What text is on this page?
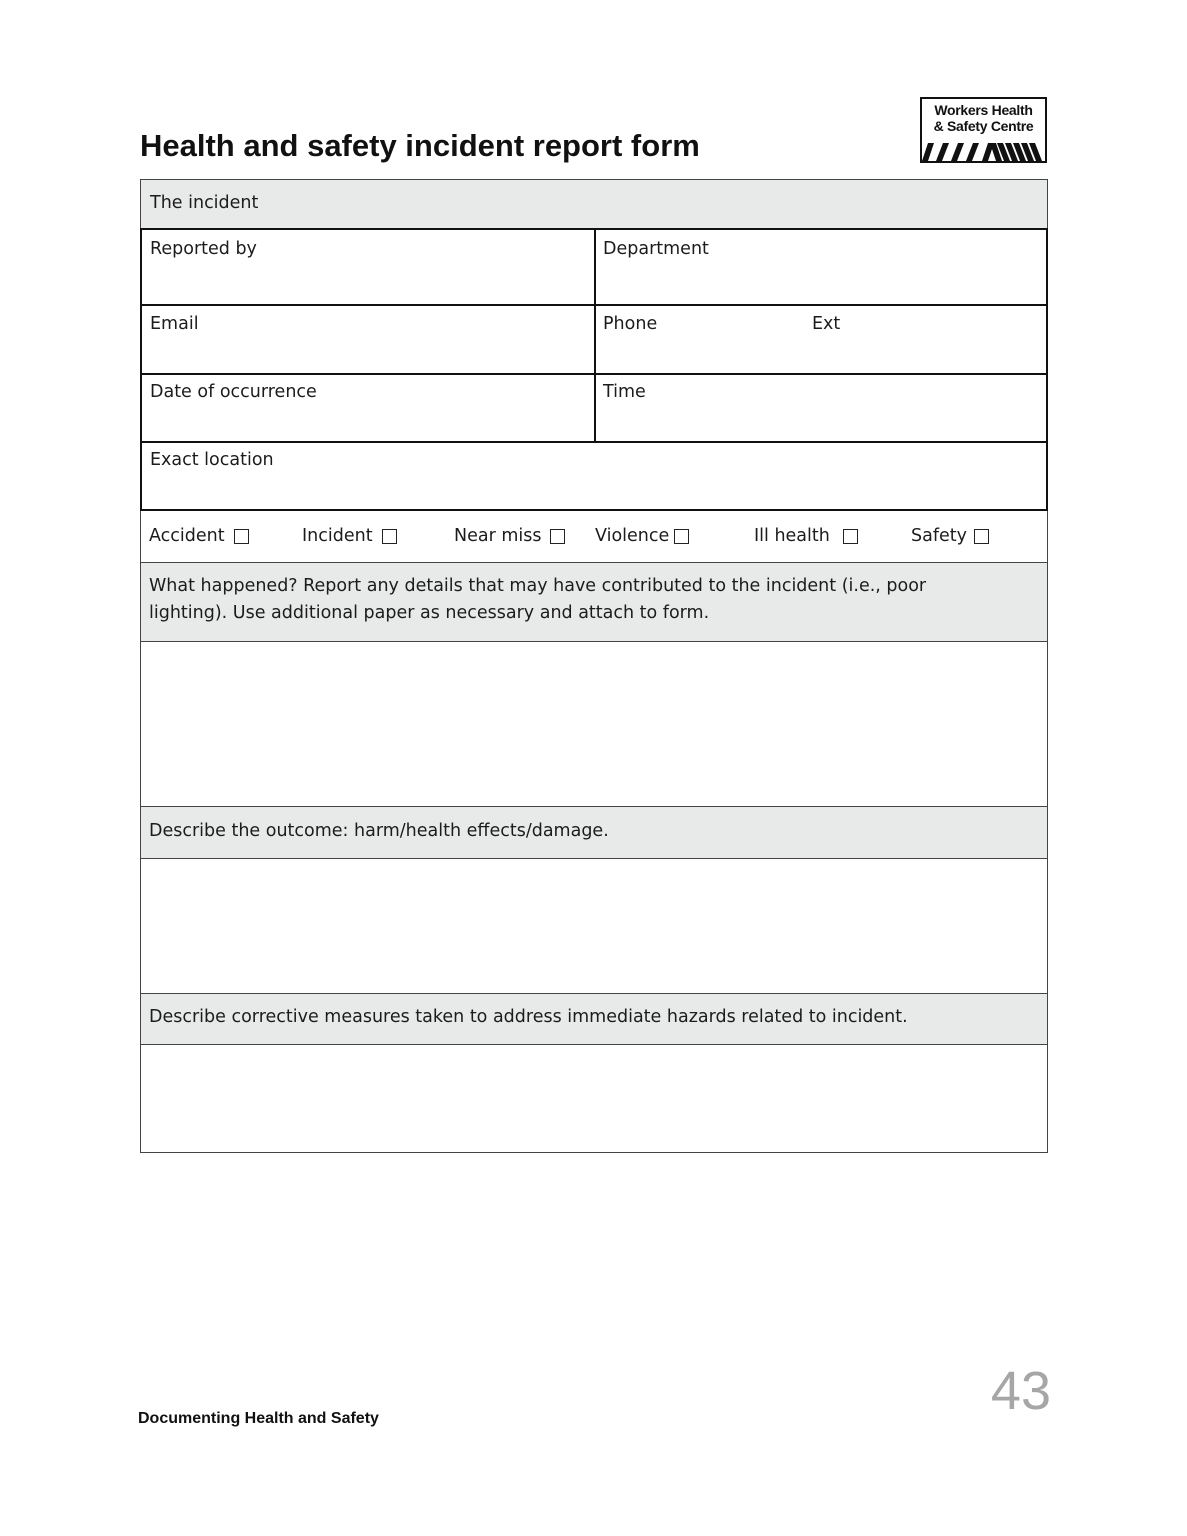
Health and safety incident report form
Workers Health
& Safety Centre
The incident
Reported by	Department
Email	Phone	Ext
Date of occurrence	Time
Exact location
Accident	Incident	Near miss	Violence	Ill health	Safety
What happened? Report any details that may have contributed to the incident (i.e., poor
lighting). Use additional paper as necessary and attach to form.
Describe the outcome: harm/health effects/damage.
Describe corrective measures taken to address immediate hazards related to incident.
Documenting Health and Safety	43
